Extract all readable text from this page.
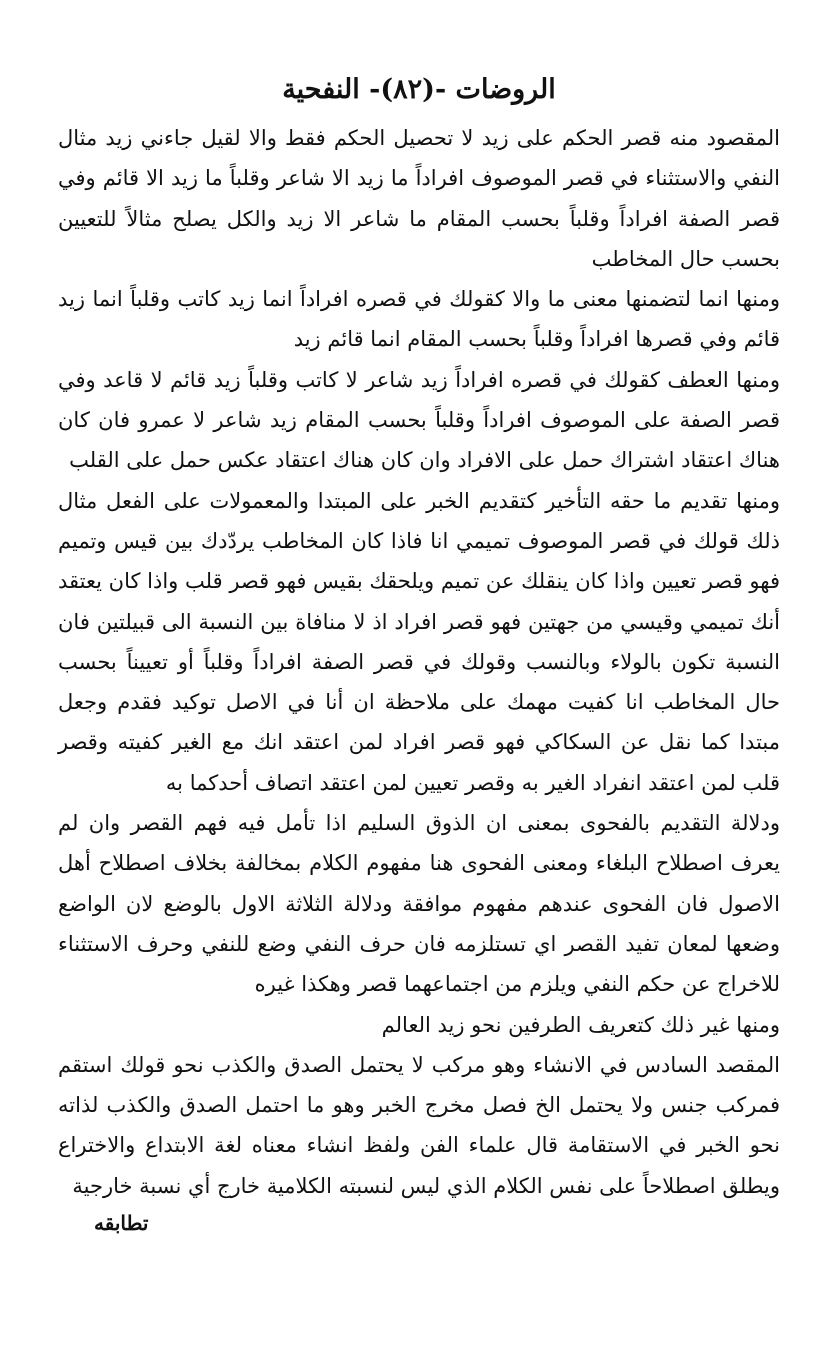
الروضات -(٨٢)- النفحية

المقصود منه قصر الحكم على زيد لا تحصيل الحكم فقط والا لقيل جاءني زيد مثال النفي والاستثناء في قصر الموصوف افراداً ما زيد الا شاعر وقلباً ما زيد الا قائم وفي قصر الصفة افراداً وقلباً بحسب المقام ما شاعر الا زيد والكل يصلح مثالاً للتعيين بحسب حال المخاطب

ومنها انما لتضمنها معنى ما والا كقولك في قصره افراداً انما زيد كاتب وقلباً انما زيد قائم وفي قصرها افراداً وقلباً بحسب المقام انما قائم زيد

ومنها العطف كقولك في قصره افراداً زيد شاعر لا كاتب وقلباً زيد قائم لا قاعد وفي قصر الصفة على الموصوف افراداً وقلباً بحسب المقام زيد شاعر لا عمرو فان كان هناك اعتقاد اشتراك حمل على الافراد وان كان هناك اعتقاد عكس حمل على القلب

ومنها تقديم ما حقه التأخير كتقديم الخبر على المبتدا والمعمولات على الفعل مثال ذلك قولك في قصر الموصوف تميمي انا فاذا كان المخاطب يردّدك بين قيس وتميم فهو قصر تعيين واذا كان ينقلك عن تميم ويلحقك بقيس فهو قصر قلب واذا كان يعتقد أنك تميمي وقيسي من جهتين فهو قصر افراد اذ لا منافاة بين النسبة الى قبيلتين فان النسبة تكون بالولاء وبالنسب وقولك في قصر الصفة افراداً وقلباً أو تعييناً بحسب حال المخاطب انا كفيت مهمك على ملاحظة ان أنا في الاصل توكيد فقدم وجعل مبتدا كما نقل عن السكاكي فهو قصر افراد لمن اعتقد انك مع الغير كفيته وقصر قلب لمن اعتقد انفراد الغير به وقصر تعيين لمن اعتقد اتصاف أحدكما به

ودلالة التقديم بالفحوى بمعنى ان الذوق السليم اذا تأمل فيه فهم القصر وان لم يعرف اصطلاح البلغاء ومعنى الفحوى هنا مفهوم الكلام بمخالفة بخلاف اصطلاح أهل الاصول فان الفحوى عندهم مفهوم موافقة ودلالة الثلاثة الاول بالوضع لان الواضع وضعها لمعان تفيد القصر اي تستلزمه فان حرف النفي وضع للنفي وحرف الاستثناء للاخراج عن حكم النفي ويلزم من اجتماعهما قصر وهكذا غيره

ومنها غير ذلك كتعريف الطرفين نحو زيد العالم

المقصد السادس في الانشاء وهو مركب لا يحتمل الصدق والكذب نحو قولك استقم فمركب جنس ولا يحتمل الخ فصل مخرج الخبر وهو ما احتمل الصدق والكذب لذاته نحو الخبر في الاستقامة قال علماء الفن ولفظ انشاء معناه لغة الابتداع والاختراع ويطلق اصطلاحاً على نفس الكلام الذي ليس لنسبته الكلامية خارج أي نسبة خارجية

تطابقه
